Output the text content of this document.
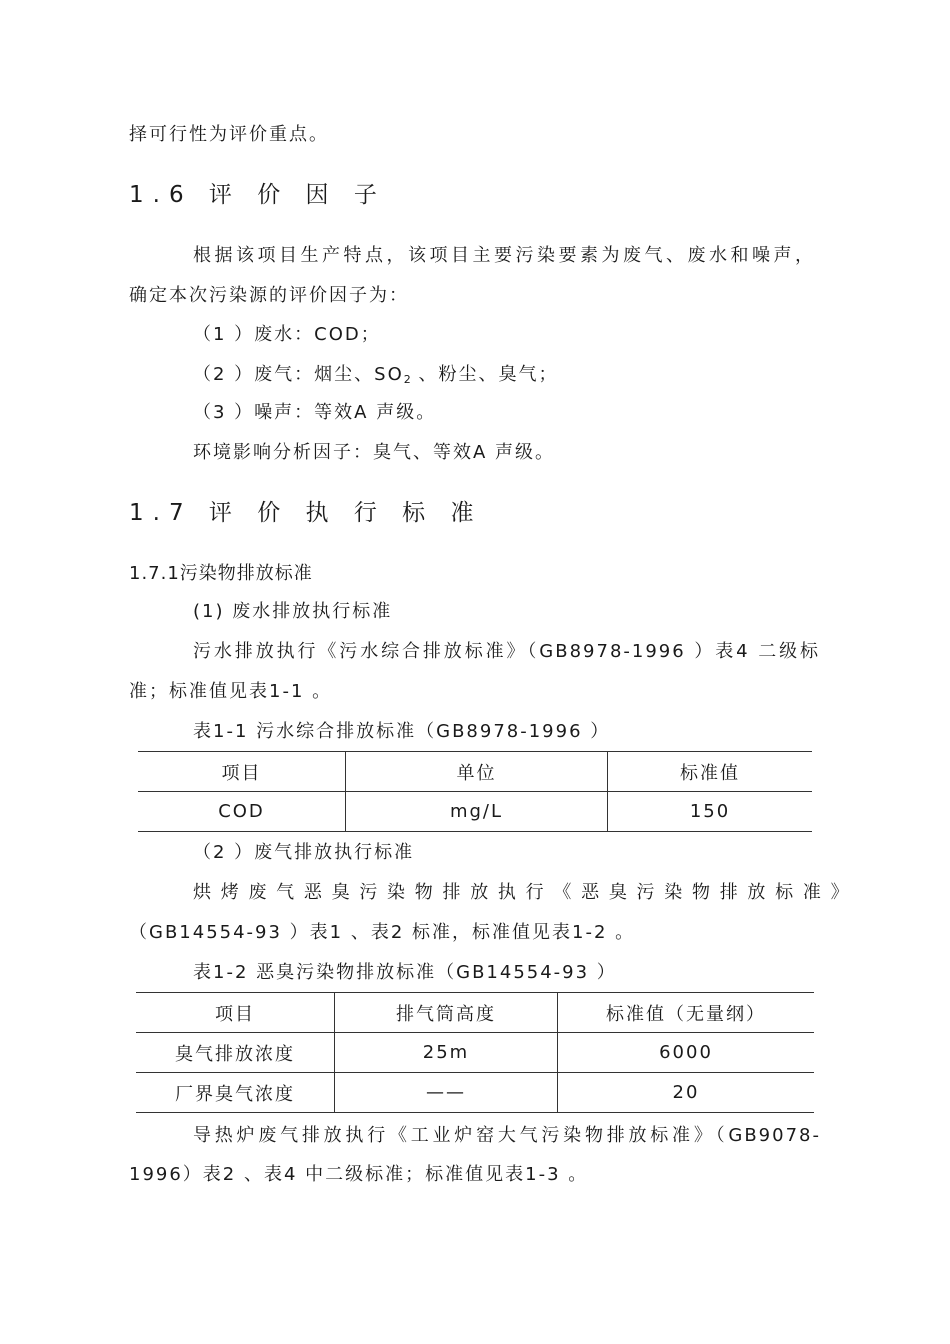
择可行性为评价重点。
1.6 评 价 因 子
根据该项目生产特点，该项目主要污染要素为废气、废水和噪声，
确定本次污染源的评价因子为：
（1 ）废水：COD；
（2 ）废气：烟尘、$SO_2$ 、粉尘、臭气；
（3 ）噪声：等效A 声级。
环境影响分析因子：臭气、等效A 声级。
1.7 评 价 执 行 标 准
1.7.1污染物排放标准
(1) 废水排放执行标准
污水排放执行《污水综合排放标准》（GB8978-1996 ）表4 二级标
准；标准值见表1-1 。
表1-1 污水综合排放标准（GB8978-1996 ）
项目	单位	标准值
COD	mg/L	150
（2 ）废气排放执行标准
烘 烤 废 气 恶 臭 污 染 物 排 放 执 行 《 恶 臭 污 染 物 排 放 标 准 》
（GB14554-93 ）表1 、表2 标准，标准值见表1-2 。
表1-2 恶臭污染物排放标准（GB14554-93 ）
项目	排气筒高度	标准值（无量纲）
臭气排放浓度	25m	6000
厂界臭气浓度	——	20
导热炉废气排放执行《工业炉窑大气污染物排放标准》（GB9078-
1996）表2 、表4 中二级标准；标准值见表1-3 。
